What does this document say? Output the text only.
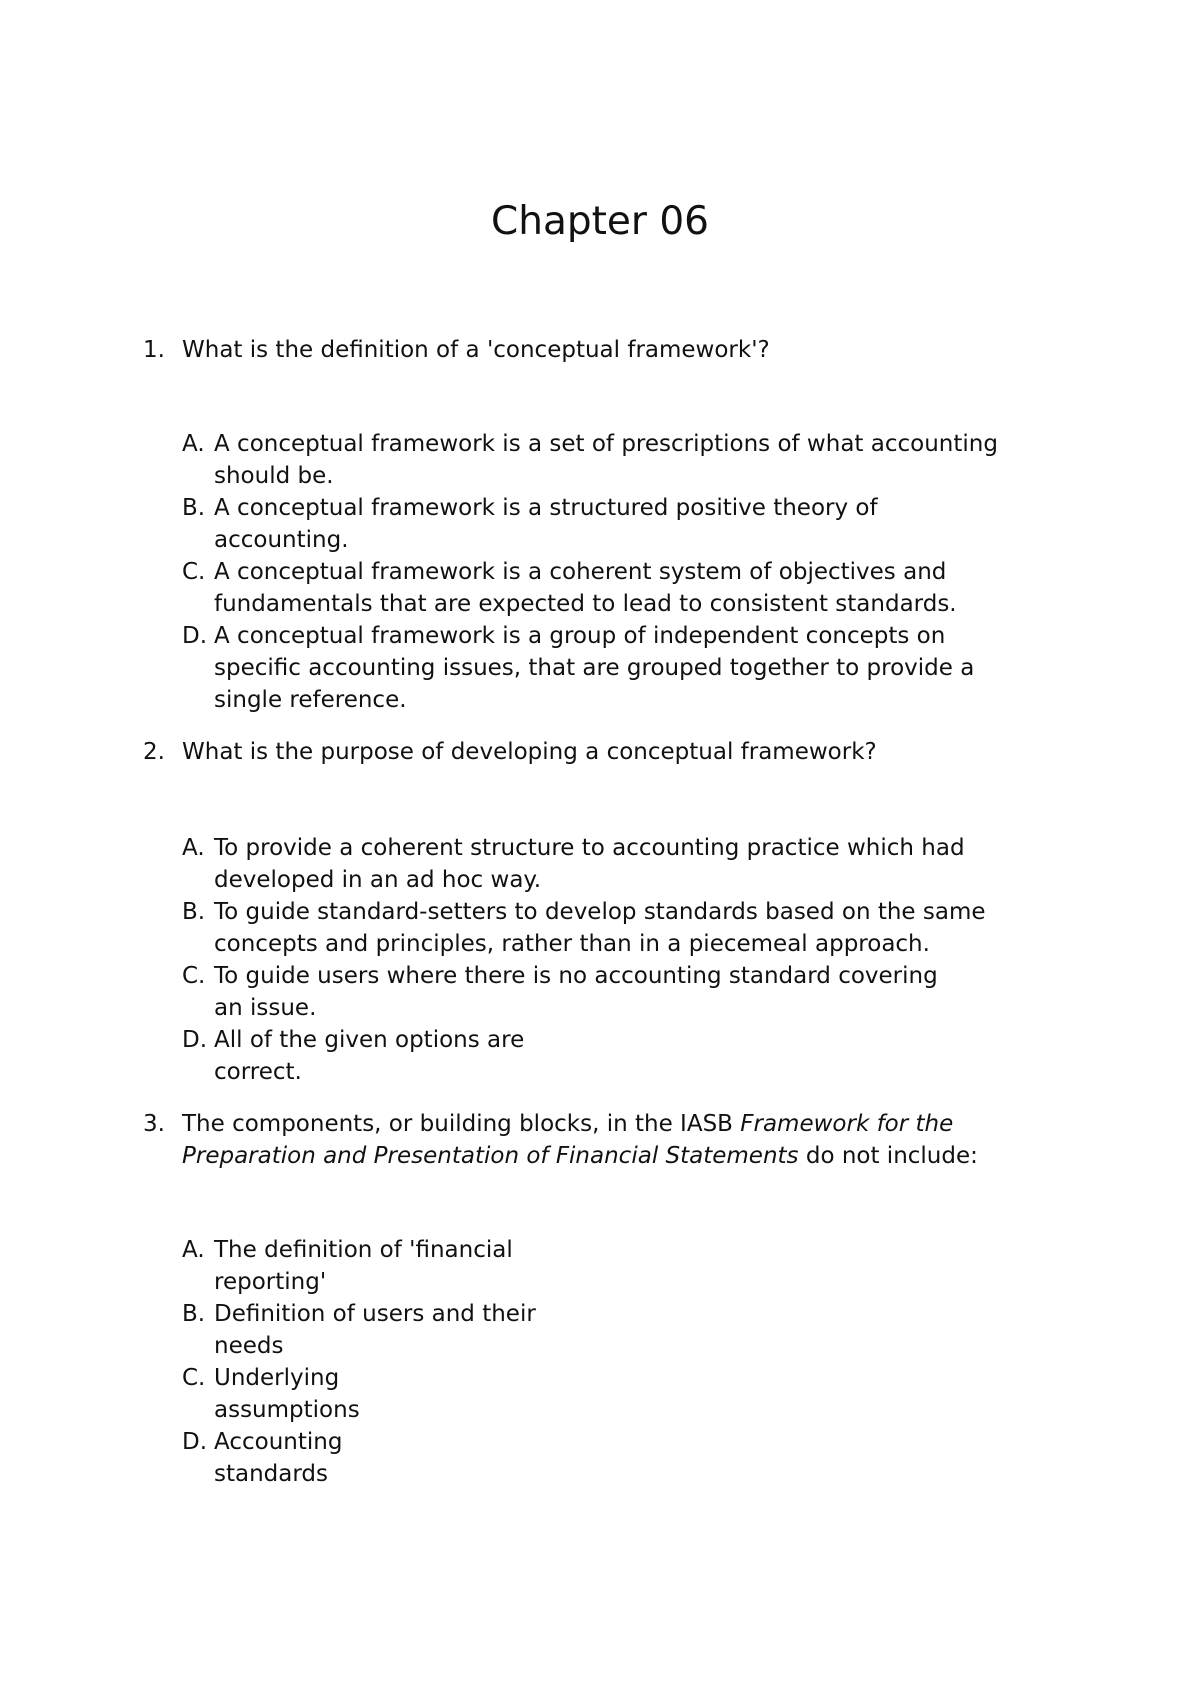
Chapter 06
1. What is the definition of a 'conceptual framework'?
A. A conceptual framework is a set of prescriptions of what accounting
should be.
B. A conceptual framework is a structured positive theory of
accounting.
C. A conceptual framework is a coherent system of objectives and
fundamentals that are expected to lead to consistent standards.
D. A conceptual framework is a group of independent concepts on
specific accounting issues, that are grouped together to provide a
single reference.
2. What is the purpose of developing a conceptual framework?
A. To provide a coherent structure to accounting practice which had
developed in an ad hoc way.
B. To guide standard-setters to develop standards based on the same
concepts and principles, rather than in a piecemeal approach.
C. To guide users where there is no accounting standard covering
an issue.
D. All of the given options are
correct.
3. The components, or building blocks, in the IASB Framework for the
Preparation and Presentation of Financial Statements do not include:
A. The definition of 'financial
reporting'
B. Definition of users and their
needs
C. Underlying
assumptions
D. Accounting
standards
